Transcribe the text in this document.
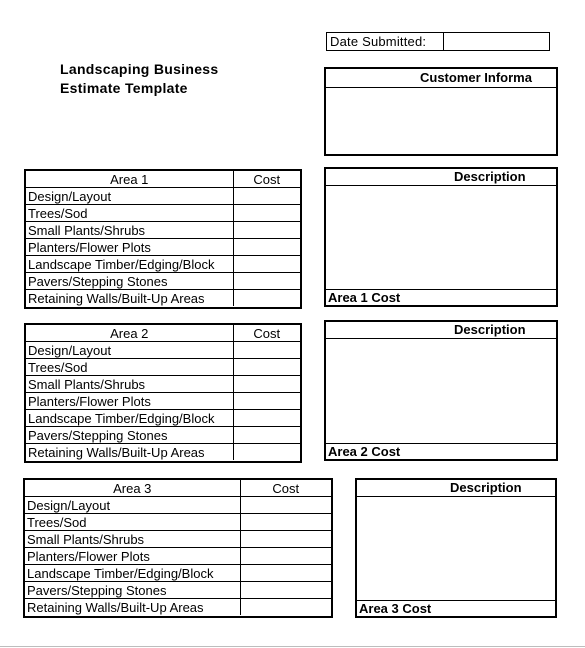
Date Submitted:
Landscaping Business
Estimate Template
Customer Informa
Area 1	Cost
Design/Layout	
Trees/Sod	
Small Plants/Shrubs	
Planters/Flower Plots	
Landscape Timber/Edging/Block	
Pavers/Stepping Stones	
Retaining Walls/Built-Up Areas	
Description
Area 1 Cost
Area 2	Cost
Design/Layout	
Trees/Sod	
Small Plants/Shrubs	
Planters/Flower Plots	
Landscape Timber/Edging/Block	
Pavers/Stepping Stones	
Retaining Walls/Built-Up Areas	
Description
Area 2 Cost
Area 3	Cost
Design/Layout	
Trees/Sod	
Small Plants/Shrubs	
Planters/Flower Plots	
Landscape Timber/Edging/Block	
Pavers/Stepping Stones	
Retaining Walls/Built-Up Areas	
Description
Area 3 Cost
